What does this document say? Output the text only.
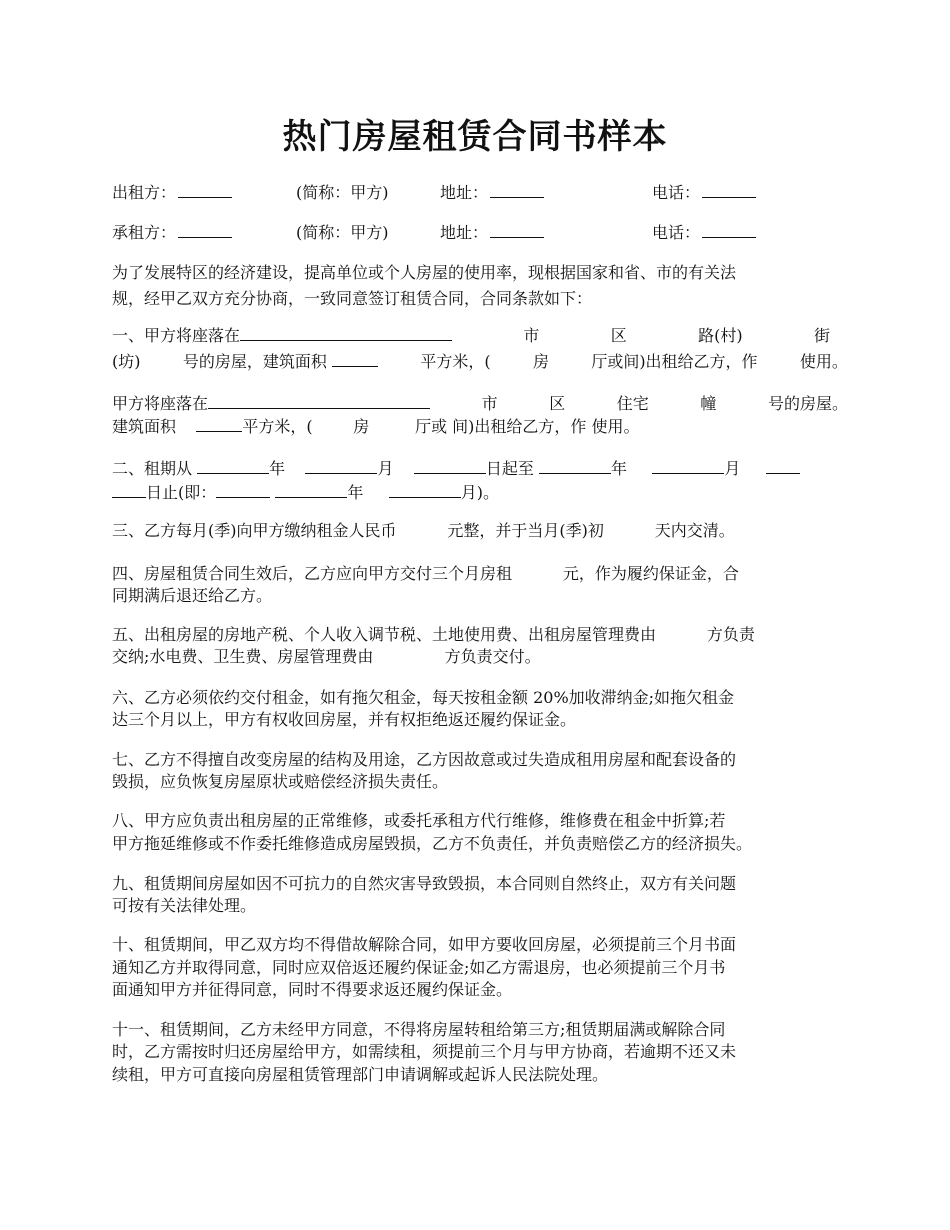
热门房屋租赁合同书样本
出租方：	(简称：甲方)	地址：	电话：
承租方：	(简称：甲方)	地址：	电话：
为了发展特区的经济建设，提高单位或个人房屋的使用率，现根据国家和省、市的有关法
规，经甲乙双方充分协商，一致同意签订租赁合同，合同条款如下：
一、甲方将座落在	市	区	路(村)	街
(坊)	号的房屋，建筑面积	平方米，(	房	厅或间)出租给乙方，作	使用。
甲方将座落在	市	区	住宅	幢	号的房屋。
建筑面积	平方米，(	房	厅或 间)出租给乙方，作 使用。
二、租期从	年	月	日起至	年	月
日止(即：	年	月)。
三、乙方每月(季)向甲方缴纳租金人民币	元整，并于当月(季)初	天内交清。
四、房屋租赁合同生效后，乙方应向甲方交付三个月房租	元，作为履约保证金，合
同期满后退还给乙方。
五、出租房屋的房地产税、个人收入调节税、土地使用费、出租房屋管理费由	方负责
交纳;水电费、卫生费、房屋管理费由	方负责交付。
六、乙方必须依约交付租金，如有拖欠租金，每天按租金额 20%加收滞纳金;如拖欠租金
达三个月以上，甲方有权收回房屋，并有权拒绝返还履约保证金。
七、乙方不得擅自改变房屋的结构及用途，乙方因故意或过失造成租用房屋和配套设备的
毁损，应负恢复房屋原状或赔偿经济损失责任。
八、甲方应负责出租房屋的正常维修，或委托承租方代行维修，维修费在租金中折算;若
甲方拖延维修或不作委托维修造成房屋毁损，乙方不负责任，并负责赔偿乙方的经济损失。
九、租赁期间房屋如因不可抗力的自然灾害导致毁损，本合同则自然终止，双方有关问题
可按有关法律处理。
十、租赁期间，甲乙双方均不得借故解除合同，如甲方要收回房屋，必须提前三个月书面
通知乙方并取得同意，同时应双倍返还履约保证金;如乙方需退房，也必须提前三个月书
面通知甲方并征得同意，同时不得要求返还履约保证金。
十一、租赁期间，乙方未经甲方同意，不得将房屋转租给第三方;租赁期届满或解除合同
时，乙方需按时归还房屋给甲方，如需续租，须提前三个月与甲方协商，若逾期不还又未
续租，甲方可直接向房屋租赁管理部门申请调解或起诉人民法院处理。
